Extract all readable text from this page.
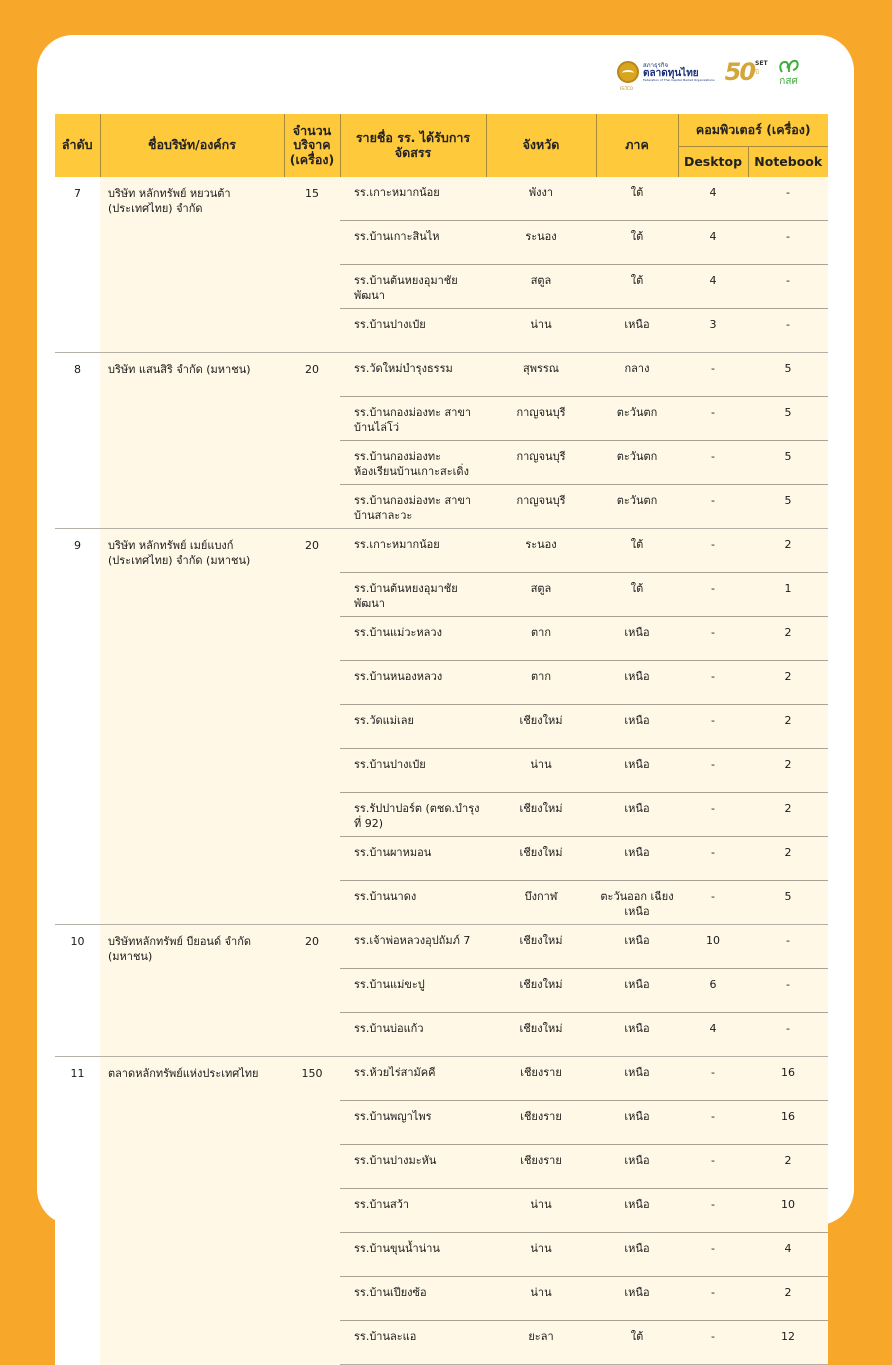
FETCO
สภาธุรกิจ
ตลาดทุนไทย
Federation of Thai Capital Market Organizations 50 SET
ปี
กสศ
ลำดับ	ชื่อบริษัท/องค์กร	จำนวน บริจาค (เครื่อง)	รายชื่อ รร. ได้รับการจัดสรร	จังหวัด	ภาค	คอมพิวเตอร์ (เครื่อง)	
						Desktop	Notebook
7	บริษัท หลักทรัพย์ หยวนต้า (ประเทศไทย) จำกัด	15	รร.เกาะหมากน้อย	พังงา	ใต้	4	-
			รร.บ้านเกาะสินไห	ระนอง	ใต้	4	-
			รร.บ้านต้นหยงอุมาชัย พัฒนา	สตูล	ใต้	4	-
			รร.บ้านปางเป๋ย	น่าน	เหนือ	3	-
8	บริษัท แสนสิริ จำกัด (มหาชน)	20	รร.วัดใหม่บำรุงธรรม	สุพรรณ	กลาง	-	5
			รร.บ้านกองม่องทะ สาขาบ้านไล่โว่	กาญจนบุรี	ตะวันตก	-	5
			รร.บ้านกองม่องทะ ห้องเรียนบ้านเกาะสะเดิ่ง	กาญจนบุรี	ตะวันตก	-	5
			รร.บ้านกองม่องทะ สาขาบ้านสาละวะ	กาญจนบุรี	ตะวันตก	-	5
9	บริษัท หลักทรัพย์ เมย์แบงก์ (ประเทศไทย) จำกัด (มหาชน)	20	รร.เกาะหมากน้อย	ระนอง	ใต้	-	2
			รร.บ้านต้นหยงอุมาชัย พัฒนา	สตูล	ใต้	-	1
			รร.บ้านแม่วะหลวง	ตาก	เหนือ	-	2
			รร.บ้านหนองหลวง	ตาก	เหนือ	-	2
			รร.วัดแม่เลย	เชียงใหม่	เหนือ	-	2
			รร.บ้านปางเป๋ย	น่าน	เหนือ	-	2
			รร.รัปปาปอร์ต (ตชด.บำรุงที่ 92)	เชียงใหม่	เหนือ	-	2
			รร.บ้านผาหมอน	เชียงใหม่	เหนือ	-	2
			รร.บ้านนาดง	บึงกาฬ	ตะวันออก เฉียงเหนือ	-	5
10	บริษัทหลักทรัพย์ บียอนด์ จำกัด (มหาชน)	20	รร.เจ้าพ่อหลวงอุปถัมภ์ 7	เชียงใหม่	เหนือ	10	-
			รร.บ้านแม่ขะปู	เชียงใหม่	เหนือ	6	-
			รร.บ้านบ่อแก้ว	เชียงใหม่	เหนือ	4	-
11	ตลาดหลักทรัพย์แห่งประเทศไทย	150	รร.ห้วยไร่สามัคคี	เชียงราย	เหนือ	-	16
			รร.บ้านพญาไพร	เชียงราย	เหนือ	-	16
			รร.บ้านปางมะหัน	เชียงราย	เหนือ	-	2
			รร.บ้านสว้า	น่าน	เหนือ	-	10
			รร.บ้านขุนน้ำน่าน	น่าน	เหนือ	-	4
			รร.บ้านเปียงซ้อ	น่าน	เหนือ	-	2
			รร.บ้านละแอ	ยะลา	ใต้	-	12
